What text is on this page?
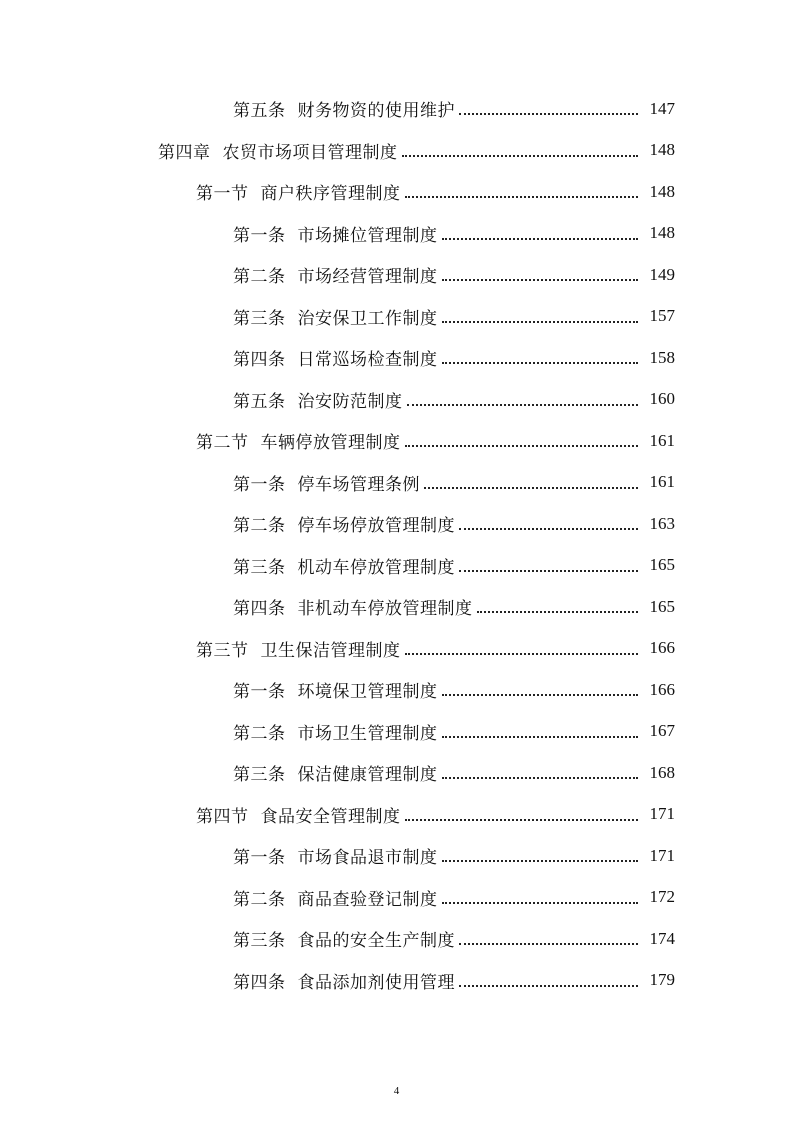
第五条 财务物资的使用维护	147
第四章 农贸市场项目管理制度	148
第一节 商户秩序管理制度	148
第一条 市场摊位管理制度	148
第二条 市场经营管理制度	149
第三条 治安保卫工作制度	157
第四条 日常巡场检查制度	158
第五条 治安防范制度	160
第二节 车辆停放管理制度	161
第一条 停车场管理条例	161
第二条 停车场停放管理制度	163
第三条 机动车停放管理制度	165
第四条 非机动车停放管理制度	165
第三节 卫生保洁管理制度	166
第一条 环境保卫管理制度	166
第二条 市场卫生管理制度	167
第三条 保洁健康管理制度	168
第四节 食品安全管理制度	171
第一条 市场食品退市制度	171
第二条 商品查验登记制度	172
第三条 食品的安全生产制度	174
第四条 食品添加剂使用管理	179
4
